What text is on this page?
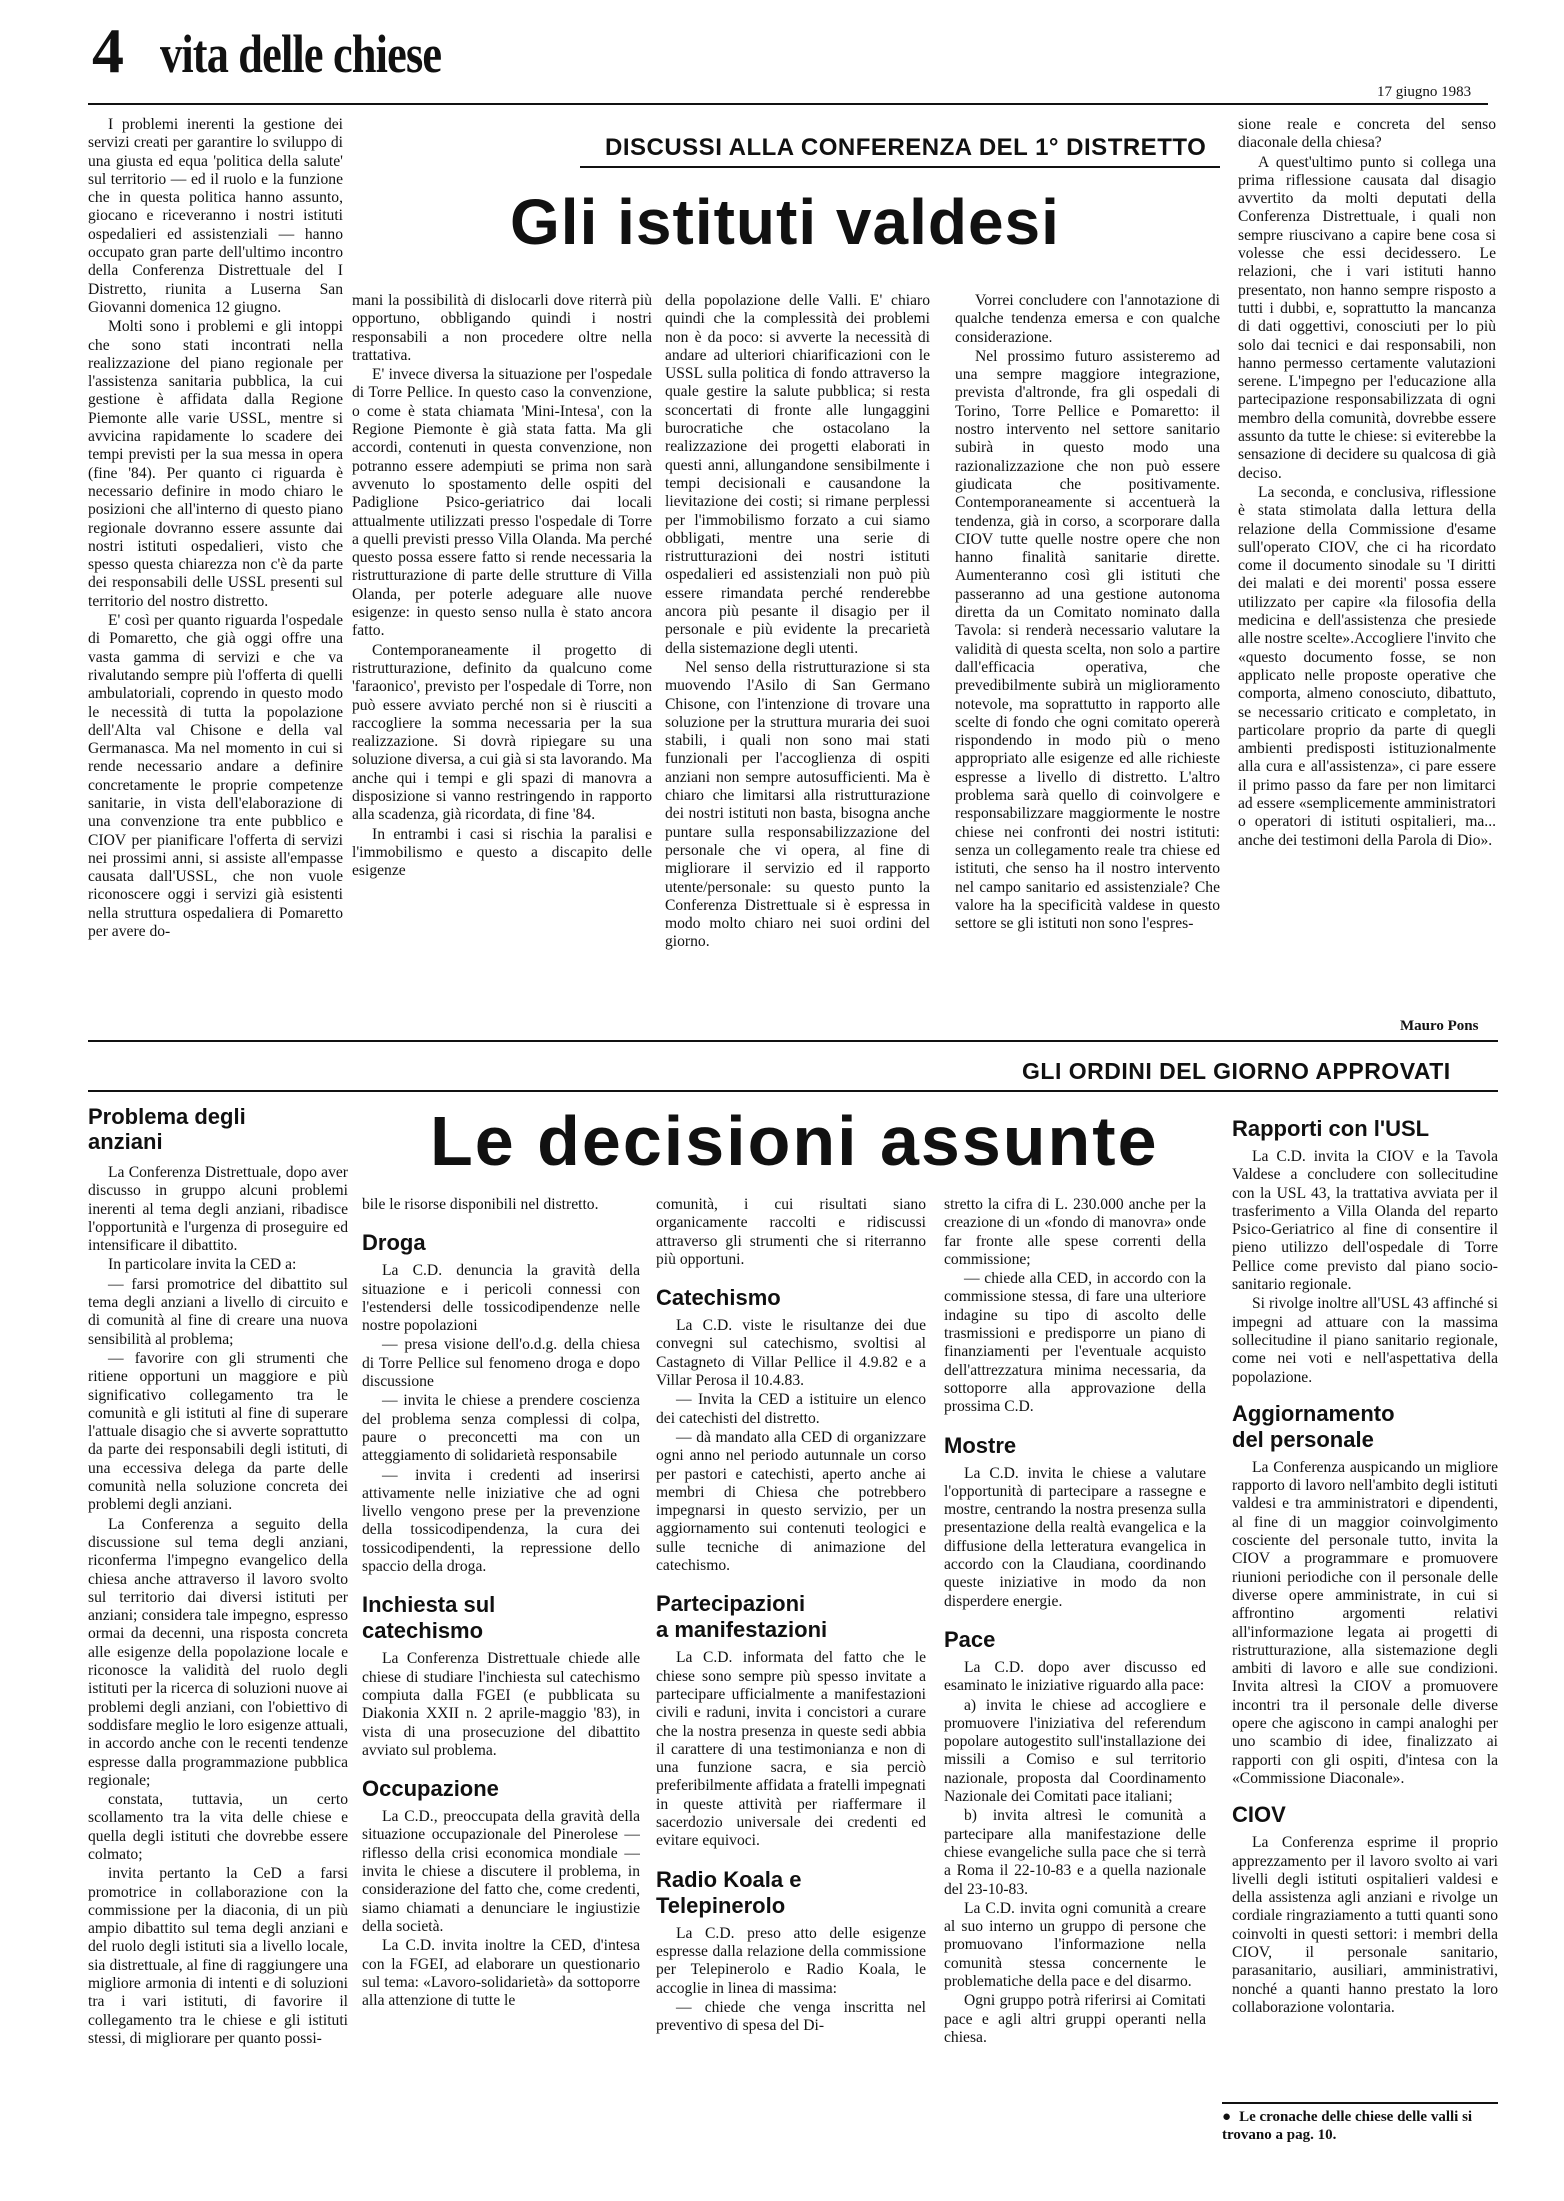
4 vita delle chiese
17 giugno 1983

I problemi inerenti la gestione dei servizi creati per garantire lo sviluppo di una giusta ed equa 'politica della salute' sul territorio — ed il ruolo e la funzione che in questa politica hanno assunto, giocano e riceveranno i nostri istituti ospedalieri ed assistenziali — hanno occupato gran parte dell'ultimo incontro della Conferenza Distrettuale del I Distretto, riunita a Luserna San Giovanni domenica 12 giugno.

Molti sono i problemi e gli intoppi che sono stati incontrati nella realizzazione del piano regionale per l'assistenza sanitaria pubblica, la cui gestione è affidata dalla Regione Piemonte alle varie USSL, mentre si avvicina rapidamente lo scadere dei tempi previsti per la sua messa in opera (fine '84). Per quanto ci riguarda è necessario definire in modo chiaro le posizioni che all'interno di questo piano regionale dovranno essere assunte dai nostri istituti ospedalieri, visto che spesso questa chiarezza non c'è da parte dei responsabili delle USSL presenti sul territorio del nostro distretto.

E' così per quanto riguarda l'ospedale di Pomaretto, che già oggi offre una vasta gamma di servizi e che va rivalutando sempre più l'offerta di quelli ambulatoriali, coprendo in questo modo le necessità di tutta la popolazione dell'Alta val Chisone e della val Germanasca. Ma nel momento in cui si rende necessario andare a definire concretamente le proprie competenze sanitarie, in vista dell'elaborazione di una convenzione tra ente pubblico e CIOV per pianificare l'offerta di servizi nei prossimi anni, si assiste all'empasse causata dall'USSL, che non vuole riconoscere oggi i servizi già esistenti nella struttura ospedaliera di Pomaretto per avere do-

DISCUSSI ALLA CONFERENZA DEL 1° DISTRETTO
Gli istituti valdesi

mani la possibilità di dislocarli dove riterrà più opportuno, obbligando quindi i nostri responsabili a non procedere oltre nella trattativa.

E' invece diversa la situazione per l'ospedale di Torre Pellice. In questo caso la convenzione, o come è stata chiamata 'Mini-Intesa', con la Regione Piemonte è già stata fatta. Ma gli accordi, contenuti in questa convenzione, non potranno essere adempiuti se prima non sarà avvenuto lo spostamento delle ospiti del Padiglione Psico-geriatrico dai locali attualmente utilizzati presso l'ospedale di Torre a quelli previsti presso Villa Olanda. Ma perché questo possa essere fatto si rende necessaria la ristrutturazione di parte delle strutture di Villa Olanda, per poterle adeguare alle nuove esigenze: in questo senso nulla è stato ancora fatto.

Contemporaneamente il progetto di ristrutturazione, definito da qualcuno come 'faraonico', previsto per l'ospedale di Torre, non può essere avviato perché non si è riusciti a raccogliere la somma necessaria per la sua realizzazione. Si dovrà ripiegare su una soluzione diversa, a cui già si sta lavorando. Ma anche qui i tempi e gli spazi di manovra a disposizione si vanno restringendo in rapporto alla scadenza, già ricordata, di fine '84.

In entrambi i casi si rischia la paralisi e l'immobilismo e questo a discapito delle esigenze

della popolazione delle Valli. E' chiaro quindi che la complessità dei problemi non è da poco: si avverte la necessità di andare ad ulteriori chiarificazioni con le USSL sulla politica di fondo attraverso la quale gestire la salute pubblica; si resta sconcertati di fronte alle lungaggini burocratiche che ostacolano la realizzazione dei progetti elaborati in questi anni, allungandone sensibilmente i tempi decisionali e causandone la lievitazione dei costi; si rimane perplessi per l'immobilismo forzato a cui siamo obbligati, mentre una serie di ristrutturazioni dei nostri istituti ospedalieri ed assistenziali non può più essere rimandata perché renderebbe ancora più pesante il disagio per il personale e più evidente la precarietà della sistemazione degli utenti.

Nel senso della ristrutturazione si sta muovendo l'Asilo di San Germano Chisone, con l'intenzione di trovare una soluzione per la struttura muraria dei suoi stabili, i quali non sono mai stati funzionali per l'accoglienza di ospiti anziani non sempre autosufficienti. Ma è chiaro che limitarsi alla ristrutturazione dei nostri istituti non basta, bisogna anche puntare sulla responsabilizzazione del personale che vi opera, al fine di migliorare il servizio ed il rapporto utente/personale: su questo punto la Conferenza Distrettuale si è espressa in modo molto chiaro nei suoi ordini del giorno.

Vorrei concludere con l'annotazione di qualche tendenza emersa e con qualche considerazione.

Nel prossimo futuro assisteremo ad una sempre maggiore integrazione, prevista d'altronde, fra gli ospedali di Torino, Torre Pellice e Pomaretto: il nostro intervento nel settore sanitario subirà in questo modo una razionalizzazione che non può essere giudicata che positivamente. Contemporaneamente si accentuerà la tendenza, già in corso, a scorporare dalla CIOV tutte quelle nostre opere che non hanno finalità sanitarie dirette. Aumenteranno così gli istituti che passeranno ad una gestione autonoma diretta da un Comitato nominato dalla Tavola: si renderà necessario valutare la validità di questa scelta, non solo a partire dall'efficacia operativa, che prevedibilmente subirà un miglioramento notevole, ma soprattutto in rapporto alle scelte di fondo che ogni comitato opererà rispondendo in modo più o meno appropriato alle esigenze ed alle richieste espresse a livello di distretto. L'altro problema sarà quello di coinvolgere e responsabilizzare maggiormente le nostre chiese nei confronti dei nostri istituti: senza un collegamento reale tra chiese ed istituti, che senso ha il nostro intervento nel campo sanitario ed assistenziale? Che valore ha la specificità valdese in questo settore se gli istituti non sono l'espres-

sione reale e concreta del senso diaconale della chiesa?

A quest'ultimo punto si collega una prima riflessione causata dal disagio avvertito da molti deputati della Conferenza Distrettuale, i quali non sempre riuscivano a capire bene cosa si volesse che essi decidessero. Le relazioni, che i vari istituti hanno presentato, non hanno sempre risposto a tutti i dubbi, e, soprattutto la mancanza di dati oggettivi, conosciuti per lo più solo dai tecnici e dai responsabili, non hanno permesso certamente valutazioni serene. L'impegno per l'educazione alla partecipazione responsabilizzata di ogni membro della comunità, dovrebbe essere assunto da tutte le chiese: si eviterebbe la sensazione di decidere su qualcosa di già deciso.

La seconda, e conclusiva, riflessione è stata stimolata dalla lettura della relazione della Commissione d'esame sull'operato CIOV, che ci ha ricordato come il documento sinodale su 'I diritti dei malati e dei morenti' possa essere utilizzato per capire «la filosofia della medicina e dell'assistenza che presiede alle nostre scelte».Accogliere l'invito che «questo documento fosse, se non applicato nelle proposte operative che comporta, almeno conosciuto, dibattuto, se necessario criticato e completato, in particolare proprio da parte di quegli ambienti predisposti istituzionalmente alla cura e all'assistenza», ci pare essere il primo passo da fare per non limitarci ad essere «semplicemente amministratori o operatori di istituti ospitalieri, ma... anche dei testimoni della Parola di Dio».

Mauro Pons
GLI ORDINI DEL GIORNO APPROVATI
Le decisioni assunte
Problema degli
anziani

La Conferenza Distrettuale, dopo aver discusso in gruppo alcuni problemi inerenti al tema degli anziani, ribadisce l'opportunità e l'urgenza di proseguire ed intensificare il dibattito.

In particolare invita la CED a:

— farsi promotrice del dibattito sul tema degli anziani a livello di circuito e di comunità al fine di creare una nuova sensibilità al problema;

— favorire con gli strumenti che ritiene opportuni un maggiore e più significativo collegamento tra le comunità e gli istituti al fine di superare l'attuale disagio che si avverte soprattutto da parte dei responsabili degli istituti, di una eccessiva delega da parte delle comunità nella soluzione concreta dei problemi degli anziani.

La Conferenza a seguito della discussione sul tema degli anziani, riconferma l'impegno evangelico della chiesa anche attraverso il lavoro svolto sul territorio dai diversi istituti per anziani; considera tale impegno, espresso ormai da decenni, una risposta concreta alle esigenze della popolazione locale e riconosce la validità del ruolo degli istituti per la ricerca di soluzioni nuove ai problemi degli anziani, con l'obiettivo di soddisfare meglio le loro esigenze attuali, in accordo anche con le recenti tendenze espresse dalla programmazione pubblica regionale;

constata, tuttavia, un certo scollamento tra la vita delle chiese e quella degli istituti che dovrebbe essere colmato;

invita pertanto la CeD a farsi promotrice in collaborazione con la commissione per la diaconia, di un più ampio dibattito sul tema degli anziani e del ruolo degli istituti sia a livello locale, sia distrettuale, al fine di raggiungere una migliore armonia di intenti e di soluzioni tra i vari istituti, di favorire il collegamento tra le chiese e gli istituti stessi, di migliorare per quanto possi-

bile le risorse disponibili nel distretto.

Droga

La C.D. denuncia la gravità della situazione e i pericoli connessi con l'estendersi delle tossicodipendenze nelle nostre popolazioni

— presa visione dell'o.d.g. della chiesa di Torre Pellice sul fenomeno droga e dopo discussione

— invita le chiese a prendere coscienza del problema senza complessi di colpa, paure o preconcetti ma con un atteggiamento di solidarietà responsabile

— invita i credenti ad inserirsi attivamente nelle iniziative che ad ogni livello vengono prese per la prevenzione della tossicodipendenza, la cura dei tossicodipendenti, la repressione dello spaccio della droga.

Inchiesta sul
catechismo

La Conferenza Distrettuale chiede alle chiese di studiare l'inchiesta sul catechismo compiuta dalla FGEI (e pubblicata su Diakonia XXII n. 2 aprile-maggio '83), in vista di una prosecuzione del dibattito avviato sul problema.

Occupazione

La C.D., preoccupata della gravità della situazione occupazionale del Pinerolese — riflesso della crisi economica mondiale — invita le chiese a discutere il problema, in considerazione del fatto che, come credenti, siamo chiamati a denunciare le ingiustizie della società.

La C.D. invita inoltre la CED, d'intesa con la FGEI, ad elaborare un questionario sul tema: «Lavoro-solidarietà» da sottoporre alla attenzione di tutte le

comunità, i cui risultati siano organicamente raccolti e ridiscussi attraverso gli strumenti che si riterranno più opportuni.

Catechismo

La C.D. viste le risultanze dei due convegni sul catechismo, svoltisi al Castagneto di Villar Pellice il 4.9.82 e a Villar Perosa il 10.4.83.

— Invita la CED a istituire un elenco dei catechisti del distretto.

— dà mandato alla CED di organizzare ogni anno nel periodo autunnale un corso per pastori e catechisti, aperto anche ai membri di Chiesa che potrebbero impegnarsi in questo servizio, per un aggiornamento sui contenuti teologici e sulle tecniche di animazione del catechismo.

Partecipazioni
a manifestazioni

La C.D. informata del fatto che le chiese sono sempre più spesso invitate a partecipare ufficialmente a manifestazioni civili e raduni, invita i concistori a curare che la nostra presenza in queste sedi abbia il carattere di una testimonianza e non di una funzione sacra, e sia perciò preferibilmente affidata a fratelli impegnati in queste attività per riaffermare il sacerdozio universale dei credenti ed evitare equivoci.

Radio Koala e
Telepinerolo

La C.D. preso atto delle esigenze espresse dalla relazione della commissione per Telepinerolo e Radio Koala, le accoglie in linea di massima:

— chiede che venga inscritta nel preventivo di spesa del Di-

stretto la cifra di L. 230.000 anche per la creazione di un «fondo di manovra» onde far fronte alle spese correnti della commissione;

— chiede alla CED, in accordo con la commissione stessa, di fare una ulteriore indagine su tipo di ascolto delle trasmissioni e predisporre un piano di finanziamenti per l'eventuale acquisto dell'attrezzatura minima necessaria, da sottoporre alla approvazione della prossima C.D.

Mostre

La C.D. invita le chiese a valutare l'opportunità di partecipare a rassegne e mostre, centrando la nostra presenza sulla presentazione della realtà evangelica e la diffusione della letteratura evangelica in accordo con la Claudiana, coordinando queste iniziative in modo da non disperdere energie.

Pace

La C.D. dopo aver discusso ed esaminato le iniziative riguardo alla pace:

a) invita le chiese ad accogliere e promuovere l'iniziativa del referendum popolare autogestito sull'installazione dei missili a Comiso e sul territorio nazionale, proposta dal Coordinamento Nazionale dei Comitati pace italiani;

b) invita altresì le comunità a partecipare alla manifestazione delle chiese evangeliche sulla pace che si terrà a Roma il 22-10-83 e a quella nazionale del 23-10-83.

La C.D. invita ogni comunità a creare al suo interno un gruppo di persone che promuovano l'informazione nella comunità stessa concernente le problematiche della pace e del disarmo.

Ogni gruppo potrà riferirsi ai Comitati pace e agli altri gruppi operanti nella chiesa.

Rapporti con l'USL

La C.D. invita la CIOV e la Tavola Valdese a concludere con sollecitudine con la USL 43, la trattativa avviata per il trasferimento a Villa Olanda del reparto Psico-Geriatrico al fine di consentire il pieno utilizzo dell'ospedale di Torre Pellice come previsto dal piano socio-sanitario regionale.

Si rivolge inoltre all'USL 43 affinché si impegni ad attuare con la massima sollecitudine il piano sanitario regionale, come nei voti e nell'aspettativa della popolazione.

Aggiornamento
del personale

La Conferenza auspicando un migliore rapporto di lavoro nell'ambito degli istituti valdesi e tra amministratori e dipendenti, al fine di un maggior coinvolgimento cosciente del personale tutto, invita la CIOV a programmare e promuovere riunioni periodiche con il personale delle diverse opere amministrate, in cui si affrontino argomenti relativi all'informazione legata ai progetti di ristrutturazione, alla sistemazione degli ambiti di lavoro e alle sue condizioni. Invita altresì la CIOV a promuovere incontri tra il personale delle diverse opere che agiscono in campi analoghi per uno scambio di idee, finalizzato ai rapporti con gli ospiti, d'intesa con la «Commissione Diaconale».

CIOV

La Conferenza esprime il proprio apprezzamento per il lavoro svolto ai vari livelli degli istituti ospitalieri valdesi e della assistenza agli anziani e rivolge un cordiale ringraziamento a tutti quanti sono coinvolti in questi settori: i membri della CIOV, il personale sanitario, parasanitario, ausiliari, amministrativi, nonché a quanti hanno prestato la loro collaborazione volontaria.

● Le cronache delle chiese delle valli si trovano a pag. 10.
